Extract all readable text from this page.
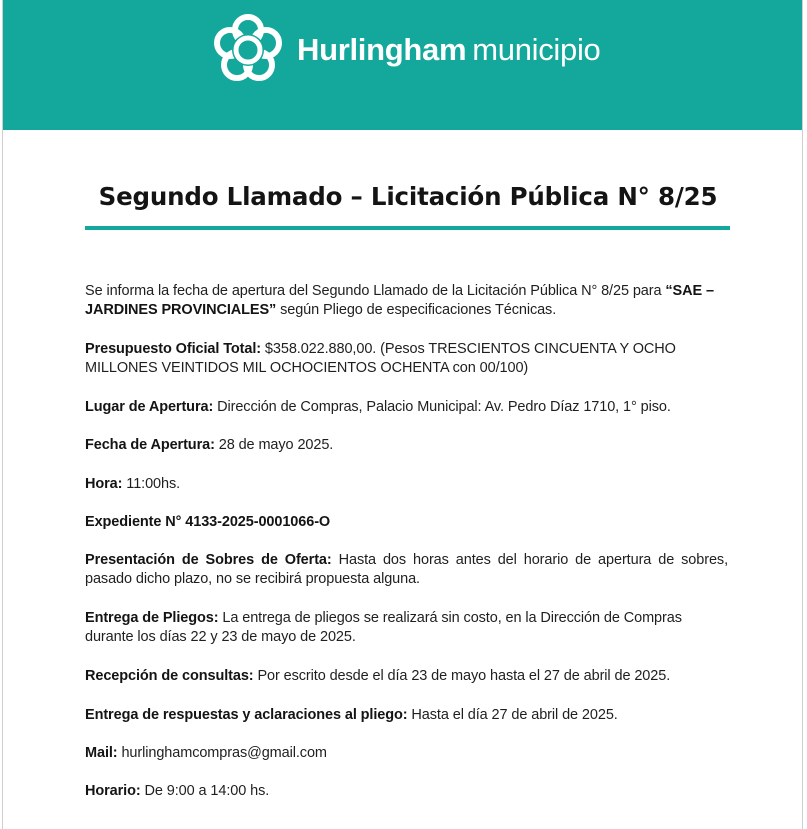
Hurlingham municipio
Segundo Llamado – Licitación Pública N° 8/25
Se informa la fecha de apertura del Segundo Llamado de la Licitación Pública N° 8/25 para “SAE – JARDINES PROVINCIALES” según Pliego de especificaciones Técnicas.
Presupuesto Oficial Total: $358.022.880,00. (Pesos TRESCIENTOS CINCUENTA Y OCHO MILLONES VEINTIDOS MIL OCHOCIENTOS OCHENTA con 00/100)
Lugar de Apertura: Dirección de Compras, Palacio Municipal: Av. Pedro Díaz 1710, 1° piso.
Fecha de Apertura: 28 de mayo 2025.
Hora: 11:00hs.
Expediente N° 4133-2025-0001066-O
Presentación de Sobres de Oferta: Hasta dos horas antes del horario de apertura de sobres, pasado dicho plazo, no se recibirá propuesta alguna.
Entrega de Pliegos: La entrega de pliegos se realizará sin costo, en la Dirección de Compras durante los días 22 y 23 de mayo de 2025.
Recepción de consultas: Por escrito desde el día 23 de mayo hasta el 27 de abril de 2025.
Entrega de respuestas y aclaraciones al pliego: Hasta el día 27 de abril de 2025.
Mail: hurlinghamcompras@gmail.com
Horario: De 9:00 a 14:00 hs.
